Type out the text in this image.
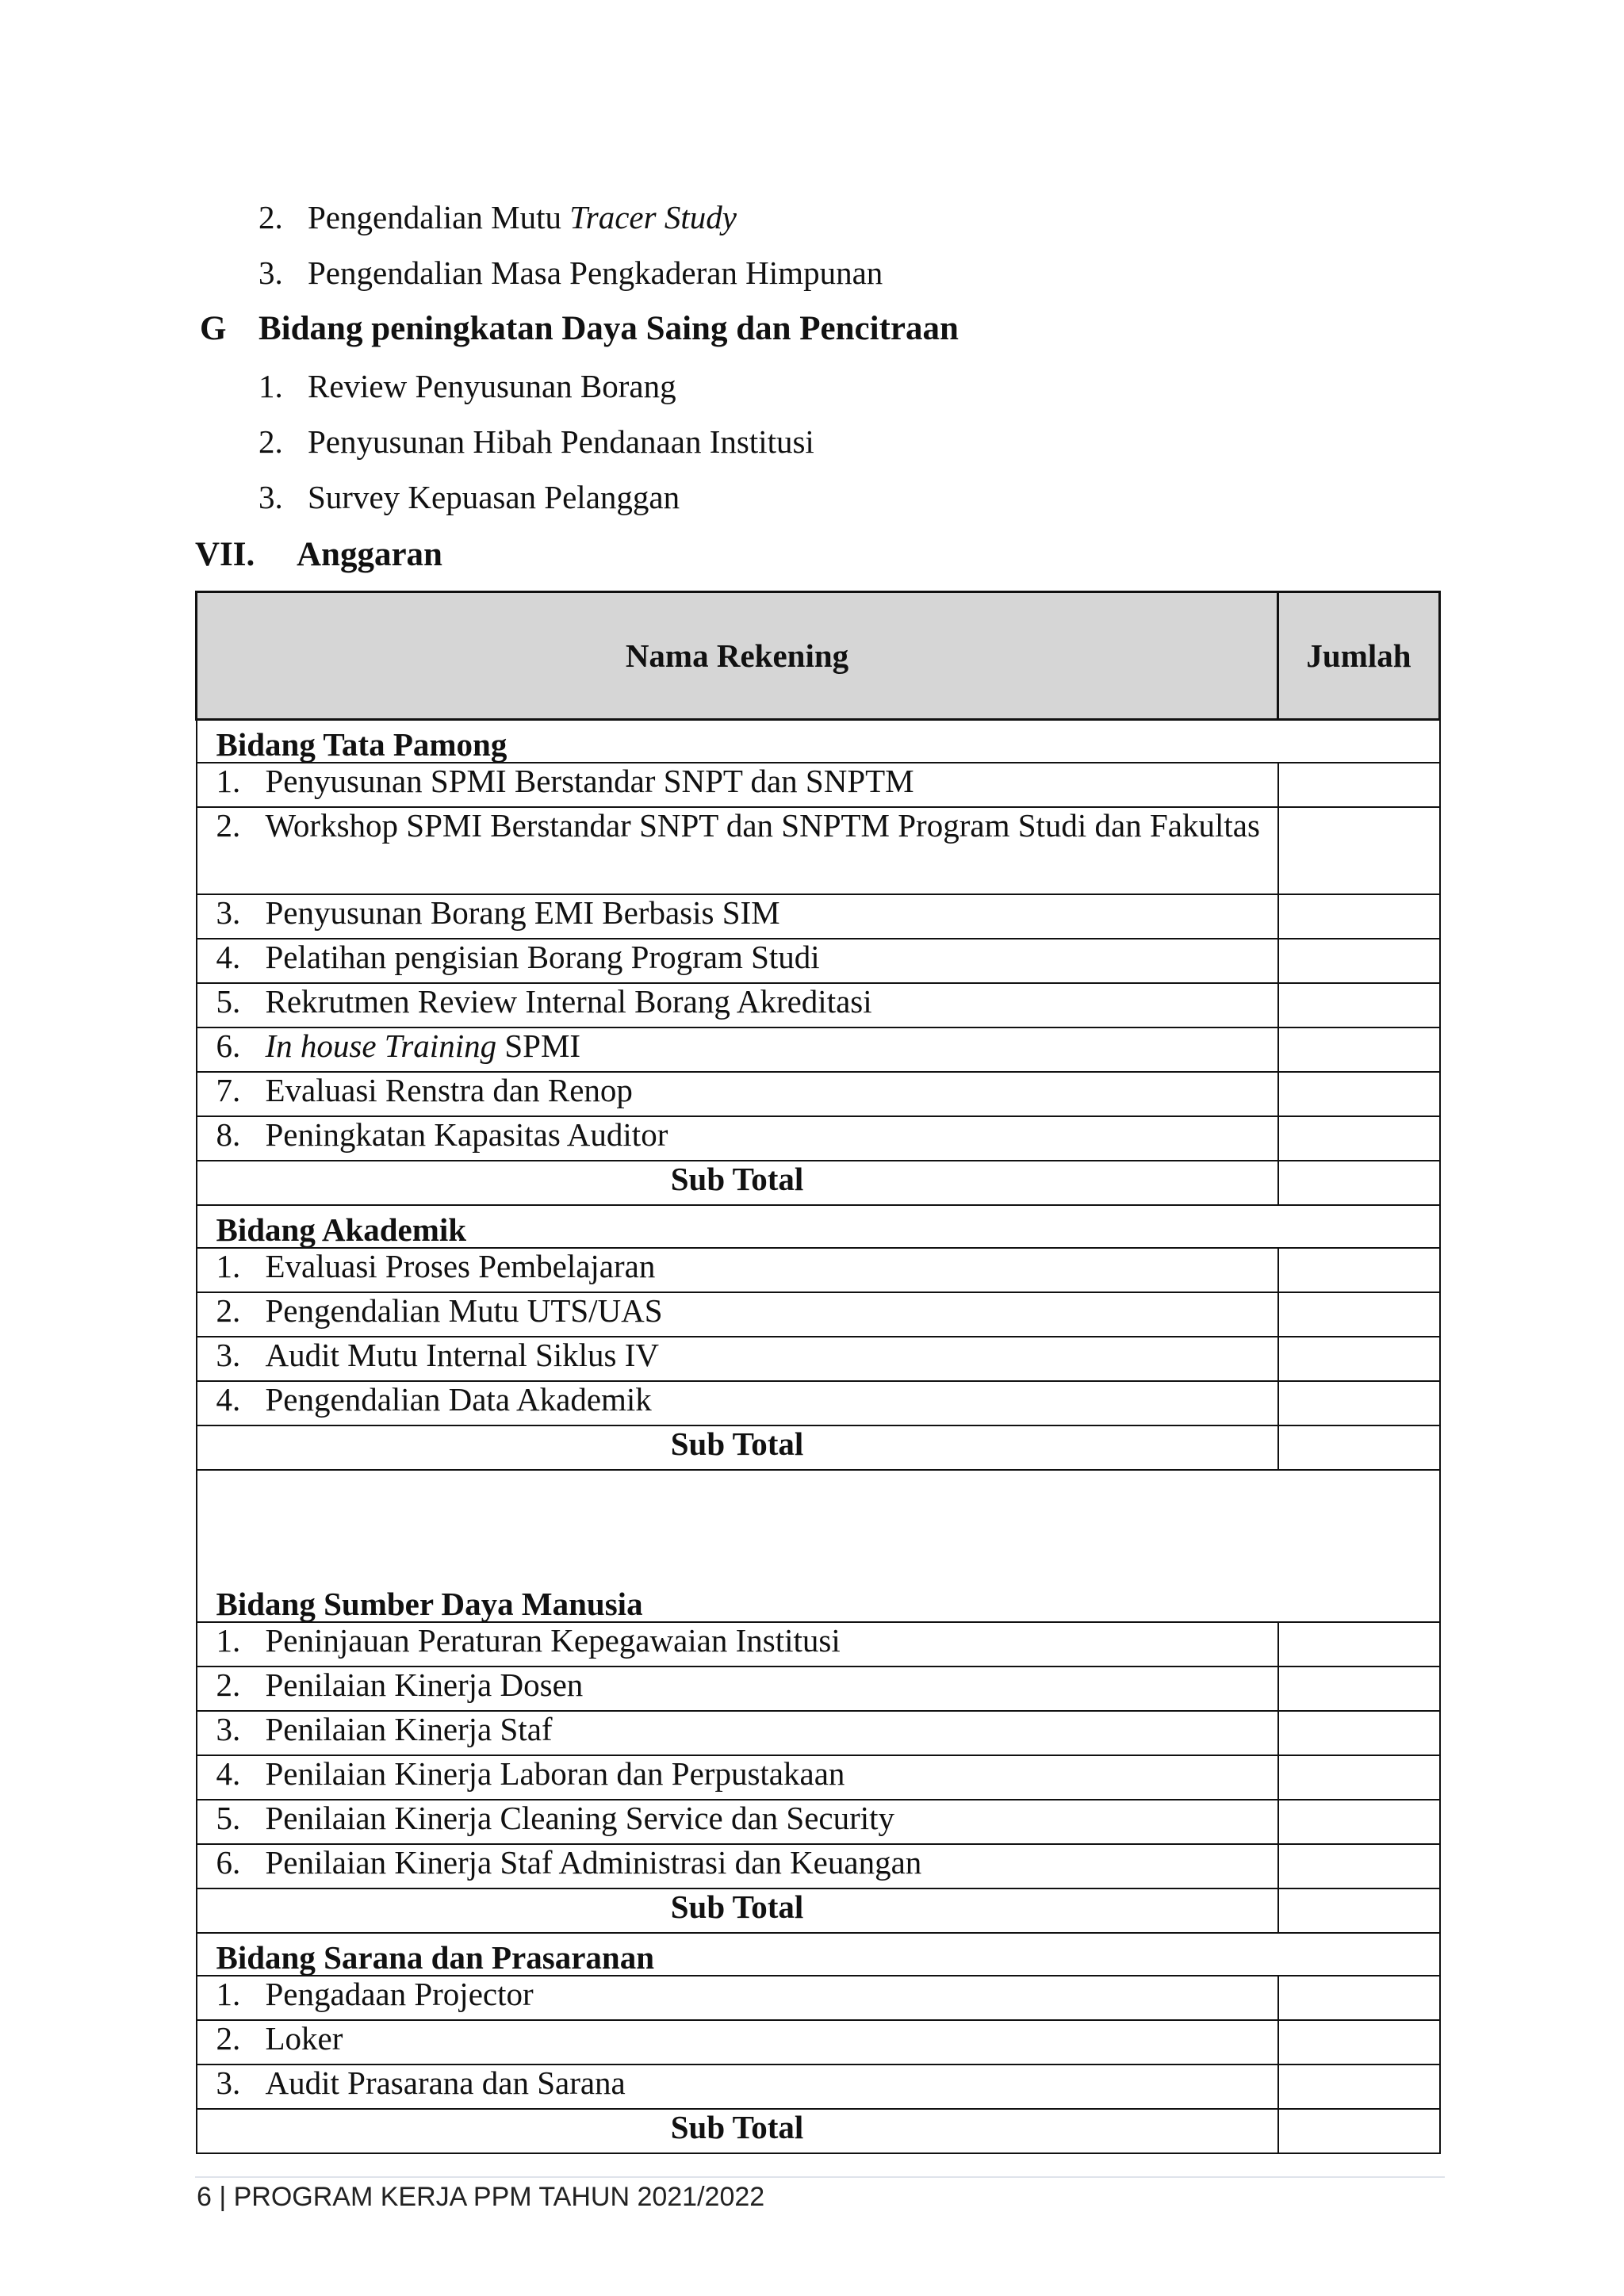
2. Pengendalian Mutu Tracer Study
3. Pengendalian Masa Pengkaderan Himpunan
G Bidang peningkatan Daya Saing dan Pencitraan
1. Review Penyusunan Borang
2. Penyusunan Hibah Pendanaan Institusi
3. Survey Kepuasan Pelanggan
VII. Anggaran
Nama Rekening	Jumlah
Bidang Tata Pamong	

1. Penyusunan SPMI Berstandar SNPT dan SNPTM	

2. Workshop SPMI Berstandar SNPT dan SNPTM Program Studi dan Fakultas	

3. Penyusunan Borang EMI Berbasis SIM	

4. Pelatihan pengisian Borang Program Studi	

5. Rekrutmen Review Internal Borang Akreditasi	

6. In house Training SPMI	

7. Evaluasi Renstra dan Renop	

8. Peningkatan Kapasitas Auditor	

Sub Total	
Bidang Akademik	

1. Evaluasi Proses Pembelajaran	

2. Pengendalian Mutu UTS/UAS	

3. Audit Mutu Internal Siklus IV	

4. Pengendalian Data Akademik	

Sub Total	
Bidang Sumber Daya Manusia	

1. Peninjauan Peraturan Kepegawaian Institusi	

2. Penilaian Kinerja Dosen	

3. Penilaian Kinerja Staf	

4. Penilaian Kinerja Laboran dan Perpustakaan	

5. Penilaian Kinerja Cleaning Service dan Security	

6. Penilaian Kinerja Staf Administrasi dan Keuangan	

Sub Total	
Bidang Sarana dan Prasaranan	

1. Pengadaan Projector	

2. Loker	

3. Audit Prasarana dan Sarana	

Sub Total	
6 | PROGRAM KERJA PPM TAHUN 2021/2022
